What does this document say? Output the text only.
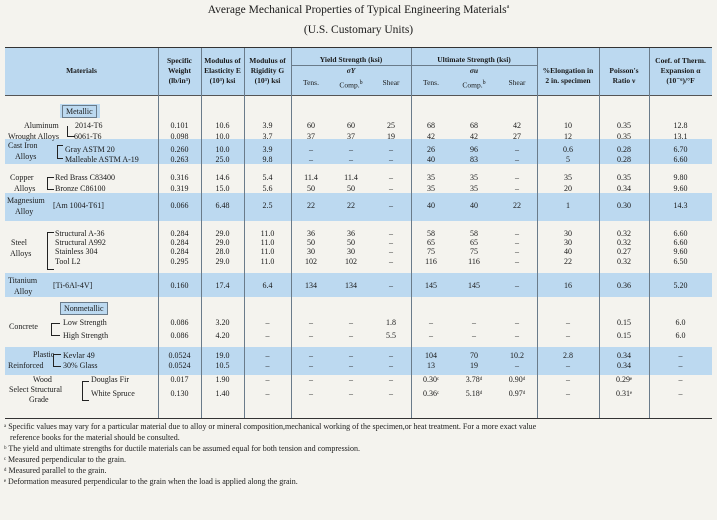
Average Mechanical Properties of Typical Engineering Materials$^a$
(U.S. Customary Units)
Materials
Specific
Weight
(lb/in³)
Modulus of
Elasticity E
(10³) ksi
Modulus of
Rigidity G
(10³) ksi
Yield Strength (ksi)
σY
Tens.	Comp.$^b$	Shear
Ultimate Strength (ksi)
σu
Tens.	Comp.$^b$	Shear
%Elongation in
2 in. specimen
Poisson's
Ratio ν
Coef. of Therm.
Expansion α
(10⁻⁶)/°F
Metallic
Nonmetallic
Aluminum
Wrought Alloys
Cast Iron
Alloys
Copper
Alloys
Magnesium
Alloy
Steel
Alloys
Titanium
Alloy
Concrete
Plastic
Reinforced
Wood
Select Structural
Grade
2014-T6	0.101	10.6	3.9	60	60	25	68	68	42	10	0.35	12.8
6061-T6	0.098	10.0	3.7	37	37	19	42	42	27	12	0.35	13.1
Gray ASTM 20	0.260	10.0	3.9	–	–	–	26	96	–	0.6	0.28	6.70
Malleable ASTM A-19	0.263	25.0	9.8	–	–	–	40	83	–	5	0.28	6.60
Red Brass C83400	0.316	14.6	5.4	11.4	11.4	–	35	35	–	35	0.35	9.80
Bronze C86100	0.319	15.0	5.6	50	50	–	35	35	–	20	0.34	9.60
[Am 1004-T61]	0.066	6.48	2.5	22	22	–	40	40	22	1	0.30	14.3
Structural A-36	0.284	29.0	11.0	36	36	–	58	58	–	30	0.32	6.60
Structural A992	0.284	29.0	11.0	50	50	–	65	65	–	30	0.32	6.60
Stainless 304	0.284	28.0	11.0	30	30	–	75	75	–	40	0.27	9.60
Tool L2	0.295	29.0	11.0	102	102	–	116	116	–	22	0.32	6.50
[Ti-6Al-4V]	0.160	17.4	6.4	134	134	–	145	145	–	16	0.36	5.20
Low Strength	0.086	3.20	–	–	–	1.8	–	–	–	–	0.15	6.0
High Strength	0.086	4.20	–	–	–	5.5	–	–	–	–	0.15	6.0
Kevlar 49	0.0524	19.0	–	–	–	–	104	70	10.2	2.8	0.34	–
30% Glass	0.0524	10.5	–	–	–	–	13	19	–	–	0.34	–
Douglas Fir	0.017	1.90	–	–	–	–	0.30ᶜ	3.78ᵈ	0.90ᵈ	–	0.29ᵉ	–
White Spruce	0.130	1.40	–	–	–	–	0.36ᶜ	5.18ᵈ	0.97ᵈ	–	0.31ᵉ	–
ᵃ Specific values may vary for a particular material due to alloy or mineral composition,mechanical working of the specimen,or heat treatment. For a more exact value
reference books for the material should be consulted.
ᵇ The yield and ultimate strengths for ductile materials can be assumed equal for both tension and compression.
ᶜ Measured perpendicular to the grain.
ᵈ Measured parallel to the grain.
ᵉ Deformation measured perpendicular to the grain when the load is applied along the grain.
